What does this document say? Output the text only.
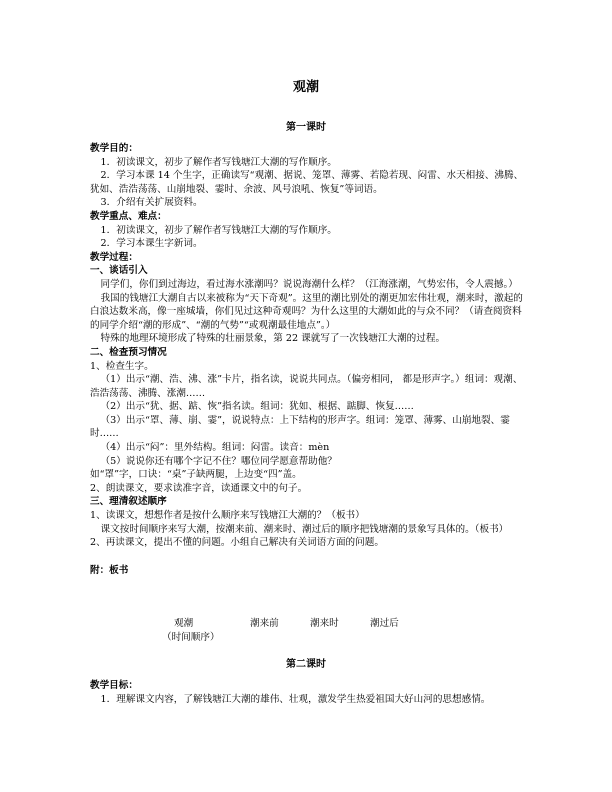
观潮
第一课时
教学目的：
1．初读课文，初步了解作者写钱塘江大潮的写作顺序。
2．学习本课 14 个生字，正确读写“观潮、据说、笼罩、薄雾、若隐若现、闷雷、水天相接、沸腾、犹如、浩浩荡荡、山崩地裂、霎时、余波、风号浪吼、恢复”等词语。
3．介绍有关扩展资料。
教学重点、难点：
1．初读课文，初步了解作者写钱塘江大潮的写作顺序。
2．学习本课生字新词。
教学过程：
一、谈话引入
同学们，你们到过海边，看过海水涨潮吗？说说海潮什么样？（江海涨潮，气势宏伟，令人震撼。）
我国的钱塘江大潮自古以来被称为“天下奇观”。这里的潮比别处的潮更加宏伟壮观，潮来时，激起的白浪达数米高，像一座城墙，你们见过这种奇观吗？为什么这里的大潮如此的与众不同？（请查阅资料的同学介绍“潮的形成”、“潮的气势”“或观潮最佳地点”。）
特殊的地理环境形成了特殊的壮丽景象，第 22 课就写了一次钱塘江大潮的过程。
二、检查预习情况
1、检查生字。
（1）出示“潮、浩、沸、涨”卡片，指名读，说说共同点。（偏旁相同， 都是形声字。）组词：观潮、浩浩荡荡、沸腾、涨潮……
（2）出示“犹、据、踮、恢”指名读。组词：犹如、根据、踮脚、恢复……
（3）出示“罩、薄、崩、霎”，说说特点：上下结构的形声字。组词：笼罩、薄雾、山崩地裂、霎时……
（4）出示“闷”：里外结构。组词：闷雷。读音：mèn
（5）说说你还有哪个字记不住？哪位同学愿意帮助他？
如“罩”字，口诀：“桌”子缺两腿，上边变“四”盖。
2、朗读课文，要求读准字音，读通课文中的句子。
三、理清叙述顺序
1、读课文，想想作者是按什么顺序来写钱塘江大潮的？（板书）
课文按时间顺序来写大潮，按潮来前、潮来时、潮过后的顺序把钱塘潮的景象写具体的。（板书）
2、再读课文，提出不懂的问题。小组自己解决有关词语方面的问题。
附：板书
观潮
（时间顺序）
潮来前	潮来时	潮过后
第二课时
教学目标：
1．理解课文内容，了解钱塘江大潮的雄伟、壮观，激发学生热爱祖国大好山河的思想感情。
